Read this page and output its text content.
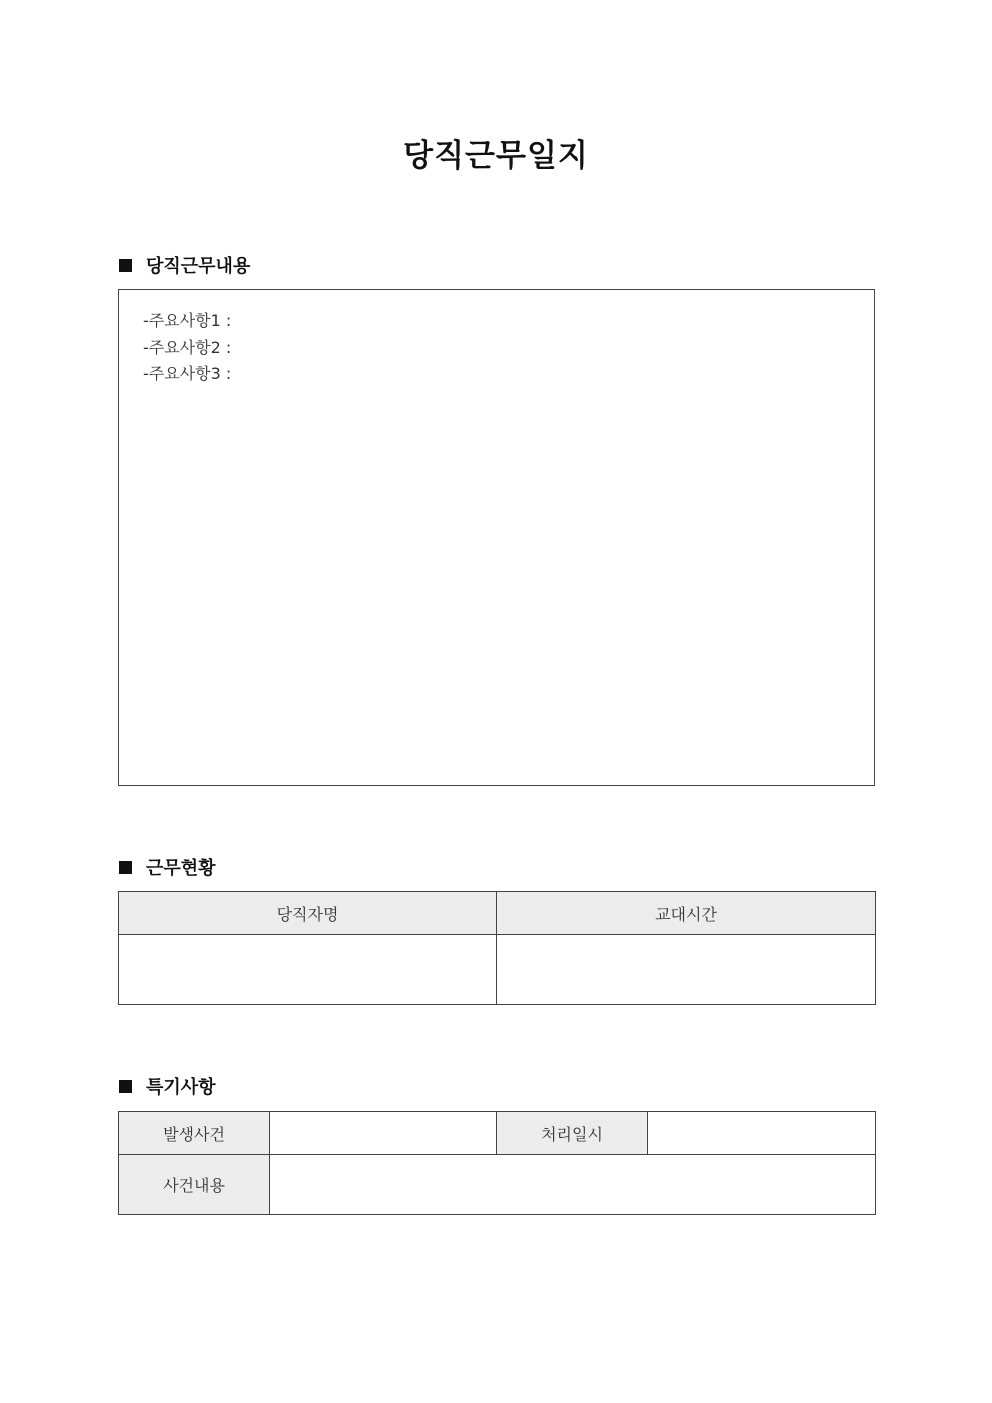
당직근무일지
당직근무내용
-주요사항1 :
-주요사항2 :
-주요사항3 :
근무현황
당직자명	교대시간

특기사항
발생사건		처리일시	
사건내용			
